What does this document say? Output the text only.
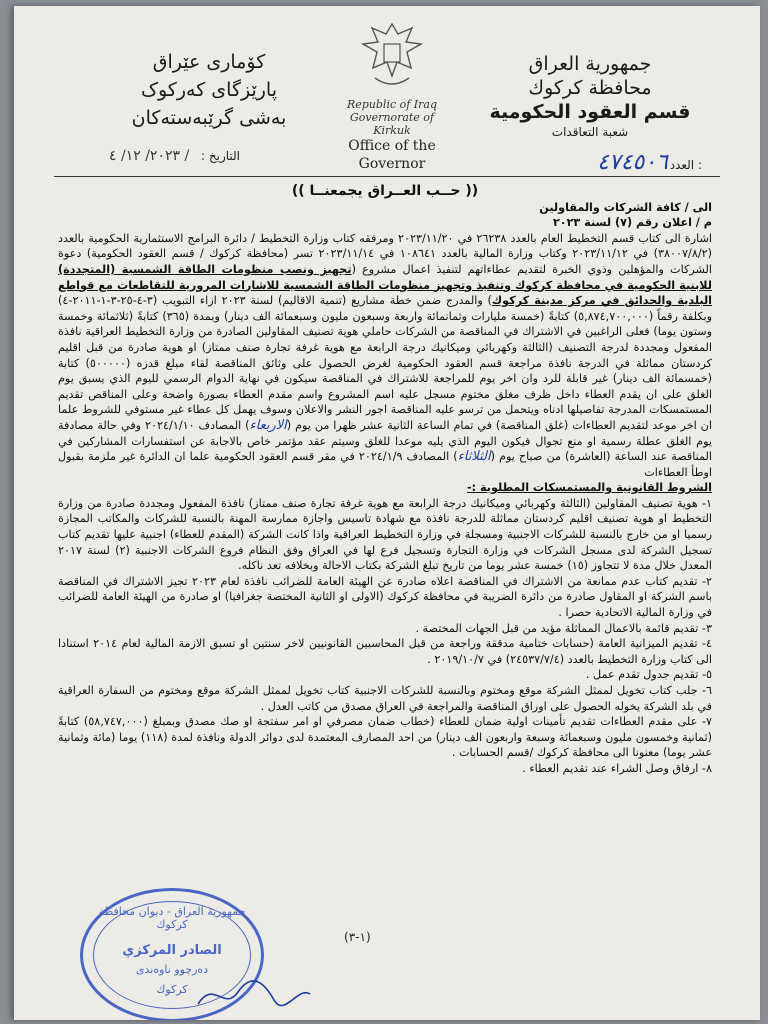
كۆماری عێراق
پارێزگای کەرکوک
بەشی گرێبەستەکان
Republic of Iraq
Governorate of Kirkuk
Office of the Governor
جمهورية العراق
محافظة كركوك
قسم العقود الحكومية
شعبة التعاقدات
التاريخ : ٢٠٢٣/ ١٢/ ٤ /	٤٧٤٥٠٦ العدد :

(( حــب العــراق يجمعنــا ))

الى / كافة الشركات والمقاولين

م / اعلان رقم (٧) لسنة ٢٠٢٣

اشارة الى كتاب قسم التخطيط العام بالعدد ٢٦٢٣٨ في ٢٠٢٣/١١/٢٠ ومرفقه كتاب وزارة التخطيط / دائرة البرامج الاستثمارية الحكومية بالعدد (٣٨٠٠٧/٨/٢) في ٢٠٢٣/١١/١٢ وكتاب وزارة المالية بالعدد ١٠٨٦٤١ في ٢٠٢٣/١١/١٤ تسر (محافظة كركوك / قسم العقود الحكومية) دعوة الشركات والمؤهلين وذوي الخبرة لتقديم عطاءاتهم لتنفيذ اعمال مشروع (تجهيز ونصب منظومات الطاقة الشمسية (المتجددة) للابنية الحكومية في محافظة كركوك وتنفيذ وتجهيز منظومات الطاقة الشمسية للاشارات المرورية للتقاطعات مع قواطع البلدية والحدائق في مركز مدينة كركوك) والمدرج ضمن خطة مشاريع (تنمية الاقاليم) لسنة ٢٠٢٣ ازاء التبويب (٣-٤-٢٥-٣-١-٢٠١١-٤) وبكلفة رقماً (٥,٨٧٤,٧٠٠,٠٠٠) كتابةً (خمسة مليارات وثمانمائة واربعة وسبعون مليون وسبعمائة الف دينار) وبمدة (٣٦٥) كتابةً (ثلاثمائة وخمسة وستون يوما) فعلى الراغبين في الاشتراك في المناقصة من الشركات حاملي هوية تصنيف المقاولين الصادرة من وزارة التخطيط العراقية نافذة المفعول ومجددة لدرجة التصنيف (الثالثة وكهربائي وميكانيك درجة الرابعة مع هوية غرفة تجارة صنف ممتاز) او هوية صادرة من قبل اقليم كردستان مماثلة في الدرجة نافذة مراجعة قسم العقود الحكومية لغرض الحصول على وثائق المناقصة لقاء مبلغ قدره (٥٠٠٠٠٠) كتابة (خمسمائة الف دينار) غير قابلة للرد وان اخر يوم للمراجعة للاشتراك في المناقصة سيكون في نهاية الدوام الرسمي لليوم الذي يسبق يوم الغلق على ان يقدم العطاء داخل ظرف مغلق مختوم مسجل عليه اسم المشروع واسم مقدم العطاء بصورة واضحة وعلى المناقص تقديم المستمسكات المدرجة تفاصيلها ادناه ويتحمل من ترسو عليه المناقصة اجور النشر والاعلان وسوف يهمل كل عطاء غير مستوفي للشروط علما ان اخر موعد لتقديم العطاءات (غلق المناقصة) في تمام الساعة الثانية عشر ظهرا من يوم (الاربعاء) المصادف ٢٠٢٤/١/١٠ وفي حالة مصادفة يوم الغلق عطلة رسمية او منع تجوال فيكون اليوم الذي يليه موعدا للغلق وسيتم عقد مؤتمر خاص بالاجابة عن استفسارات المشاركين في المناقصة عند الساعة (العاشرة) من صباح يوم (الثلاثاء) المصادف ٢٠٢٤/١/٩ في مقر قسم العقود الحكومية علما ان الدائرة غير ملزمة بقبول اوطأ العطاءات

الشروط القانونية والمستمسكات المطلوبة :-

١- هوية تصنيف المقاولين (الثالثة وكهربائي وميكانيك درجة الرابعة مع هوية غرفة تجارة صنف ممتاز) نافذة المفعول ومجددة صادرة من وزارة التخطيط او هوية تصنيف اقليم كردستان مماثلة للدرجة نافذة مع شهادة تاسيس واجازة ممارسة المهنة بالنسبة للشركات والمكاتب المجازة رسميا او من خارج بالنسبة للشركات الاجنبية ومسجلة في وزارة التخطيط العراقية واذا كانت الشركة (المقدم للعطاء) اجنبية عليها تقديم كتاب تسجيل الشركة لدى مسجل الشركات في وزارة التجارة وتسجيل فرع لها في العراق وفق النظام فروع الشركات الاجنبية (٢) لسنة ٢٠١٧ المعدل خلال مدة لا تتجاوز (١٥) خمسة عشر يوما من تاريخ تبلغ الشركة بكتاب الاحالة وبخلافه تعد ناكله.

٢- تقديم كتاب عدم ممانعة من الاشتراك في المناقصة اعلاه صادرة عن الهيئة العامة للضرائب نافذة لعام ٢٠٢٣ تجيز الاشتراك في المناقصة باسم الشركة او المقاول صادرة من دائرة الضريبة في محافظة كركوك (الاولى او الثانية المختصة جغرافيا) او صادرة من الهيئة العامة للضرائب في وزارة المالية الاتحادية حصرا .

٣- تقديم قائمة بالاعمال المماثلة مؤيد من قبل الجهات المختصة .

٤- تقديم الميزانية العامة (حسابات ختامية مدققة وراجعة من قبل المحاسبين القانونيين لاخر سنتين او تسبق الازمة المالية لعام ٢٠١٤ استنادا الى كتاب وزارة التخطيط بالعدد (٢٤٥٣٧/٧/٤) في ٢٠١٩/١٠/٧ .

٥- تقديم جدول تقدم عمل .

٦- جلب كتاب تخويل لممثل الشركة موقع ومختوم وبالنسبة للشركات الاجنبية كتاب تخويل لممثل الشركة موقع ومختوم من السفارة العراقية في بلد الشركة يخوله الحصول على اوراق المناقصة والمراجعة في العراق مصدق من كاتب العدل .

٧- على مقدم العطاءات تقديم تأمينات اولية ضمان للعطاء (خطاب ضمان مصرفي او امر سفتجة او صك مصدق وبمبلغ (٥٨,٧٤٧,٠٠٠) كتابةً (ثمانية وخمسون مليون وسبعمائة وسبعة واربعون الف دينار) من احد المصارف المعتمدة لدى دوائر الدولة ونافذة لمدة (١١٨) يوما (مائة وثمانية عشر يوما) معنونا الى محافظة كركوك /قسم الحسابات .

٨- ارفاق وصل الشراء عند تقديم العطاء .

(١-٣)
جمهورية العراق - ديوان محافظة كركوك
الصادر المركزي
دەرچوو ناوەندی
كركوك
